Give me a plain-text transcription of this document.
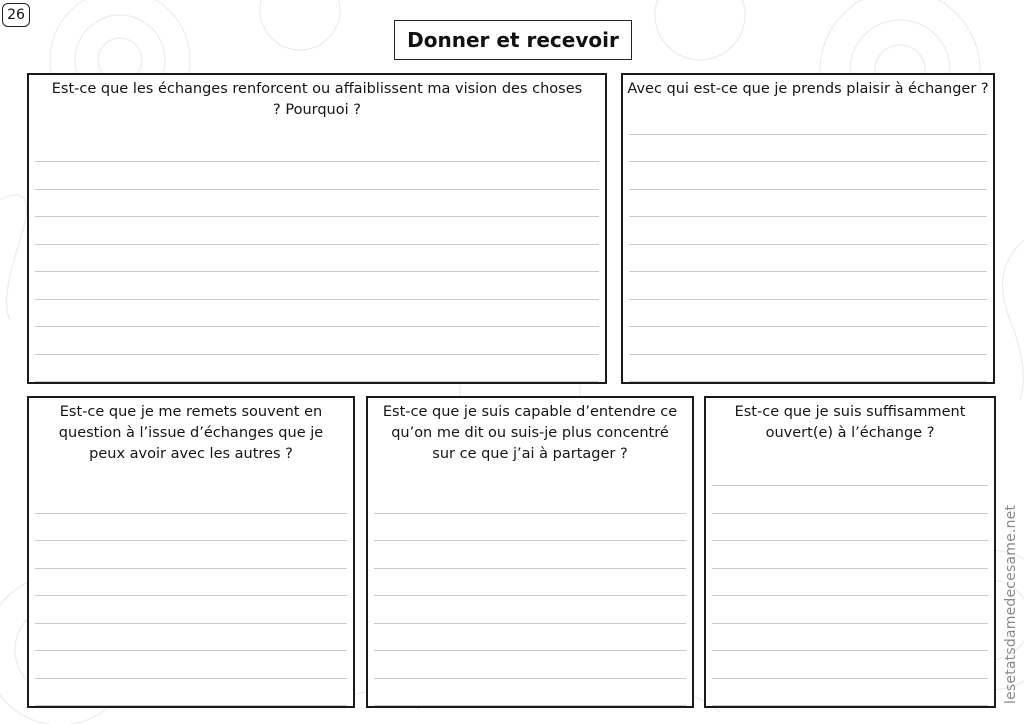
26
Donner et recevoir
Est-ce que les échanges renforcent ou affaiblissent ma vision des choses ? Pourquoi ?
Avec qui est-ce que je prends plaisir à échanger ?
Est-ce que je me remets souvent en question à l’issue d’échanges que je peux avoir avec les autres ?
Est-ce que je suis capable d’entendre ce qu’on me dit ou suis-je plus concentré sur ce que j’ai à partager ?
Est-ce que je suis suffisamment ouvert(e) à l’échange ?
lesetatsdamedecesame.net
